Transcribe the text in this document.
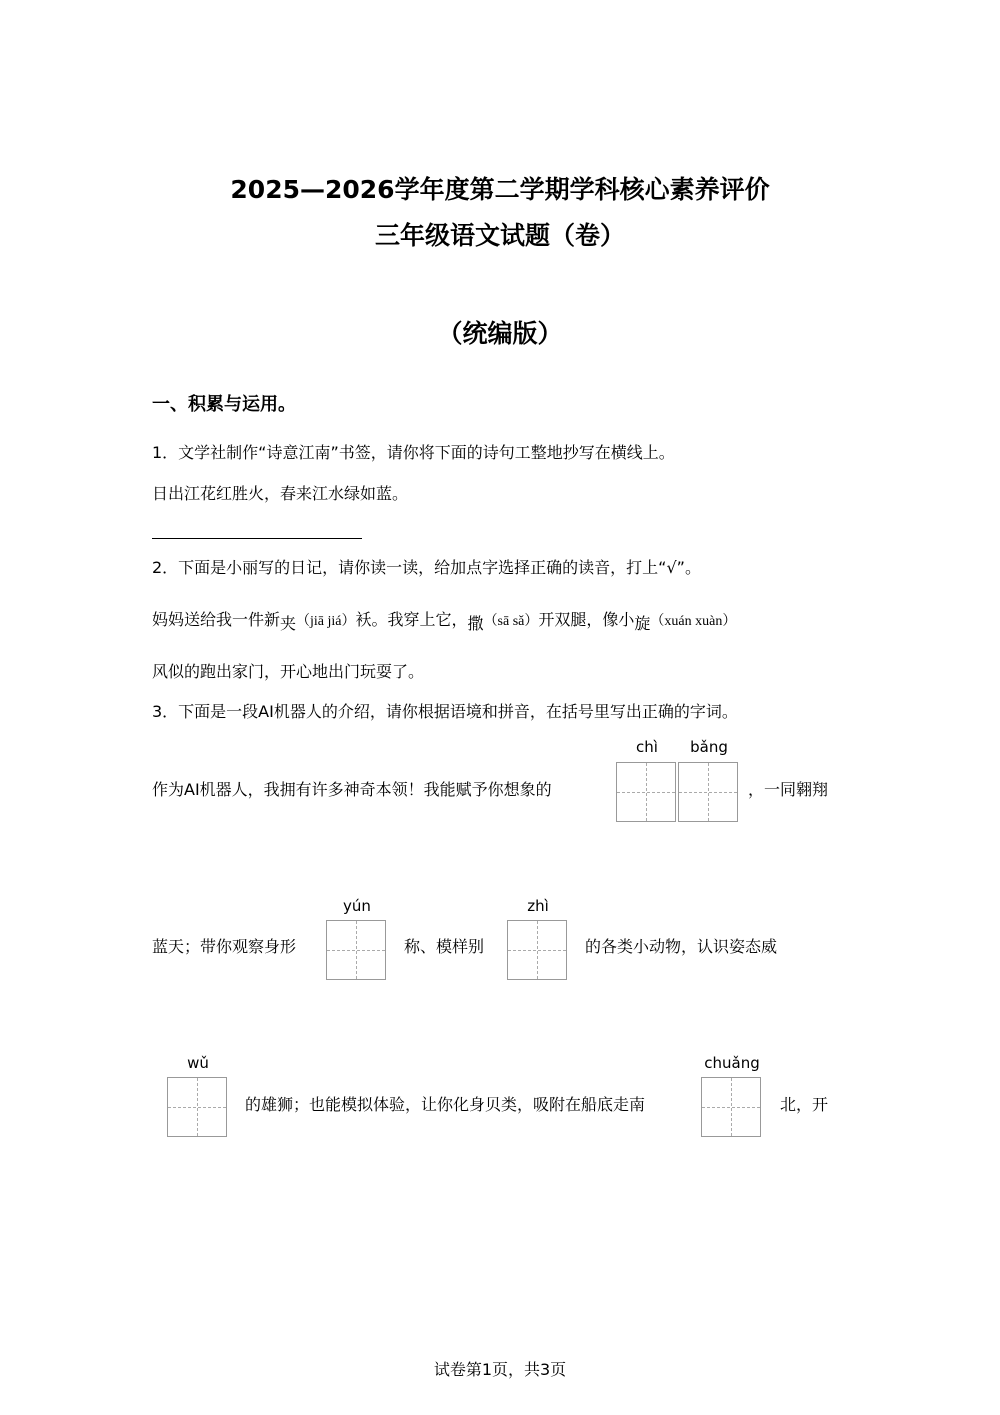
2025—2026学年度第二学期学科核心素养评价
三年级语文试题（卷）
（统编版）
一、积累与运用。
1．文学社制作“诗意江南”书签，请你将下面的诗句工整地抄写在横线上。
日出江花红胜火，春来江水绿如蓝。
2．下面是小丽写的日记，请你读一读，给加点字选择正确的读音，打上“√”。
妈妈送给我一件新夹（jiā jiá）袄。我穿上它，撒（sā sǎ）开双腿，像小旋（xuán xuàn）
风似的跑出家门，开心地出门玩耍了。
3．下面是一段AI机器人的介绍，请你根据语境和拼音，在括号里写出正确的字词。
chì	bǎng
作为AI机器人，我拥有许多神奇本领！我能赋予你想象的	，一同翱翔
yún
蓝天；带你观察身形	称、模样别
zhì
的各类小动物，认识姿态威
wǔ
的雄狮；也能模拟体验，让你化身贝类，吸附在船底走南
chuǎng
北，开
试卷第1页，共3页
